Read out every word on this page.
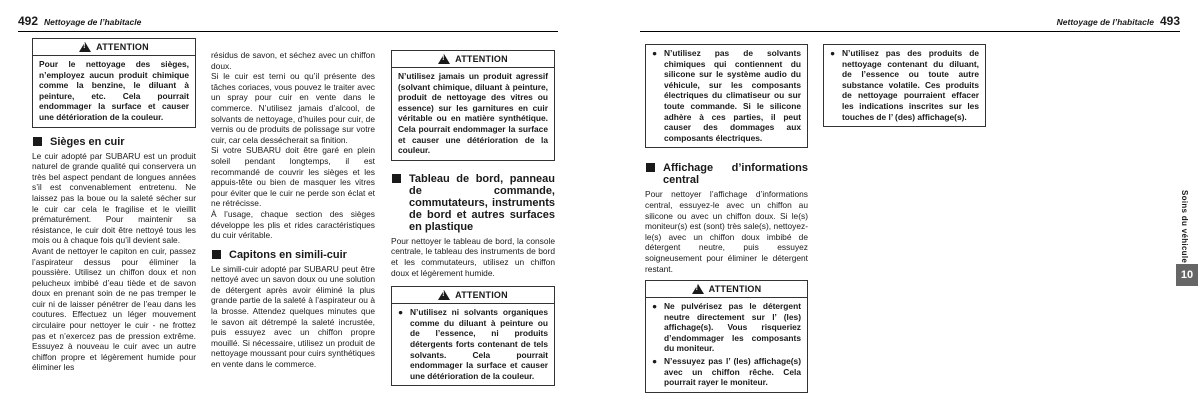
492 Nettoyage de l’habitacle
! ATTENTION
Pour le nettoyage des sièges, n’employez aucun produit chimique comme la benzine, le diluant à peinture, etc. Cela pourrait endommager la surface et causer une détérioration de la couleur.
Sièges en cuir

Le cuir adopté par SUBARU est un produit naturel de grande qualité qui conservera un très bel aspect pendant de longues années s’il est convenablement entretenu. Ne laissez pas la boue ou la saleté sécher sur le cuir car cela le fragilise et le vieillit prématurément. Pour maintenir sa résistance, le cuir doit être nettoyé tous les mois ou à chaque fois qu’il devient sale.

Avant de nettoyer le capiton en cuir, passez l’aspirateur dessus pour éliminer la poussière. Utilisez un chiffon doux et non pelucheux imbibé d’eau tiède et de savon doux en prenant soin de ne pas tremper le cuir ni de laisser pénétrer de l’eau dans les coutures. Effectuez un léger mouvement circulaire pour nettoyer le cuir - ne frottez pas et n’exercez pas de pression extrême. Essuyez à nouveau le cuir avec un autre chiffon propre et légèrement humide pour éliminer les

résidus de savon, et séchez avec un chiffon doux.

Si le cuir est terni ou qu’il présente des tâches coriaces, vous pouvez le traiter avec un spray pour cuir en vente dans le commerce. N’utilisez jamais d’alcool, de solvants de nettoyage, d’huiles pour cuir, de vernis ou de produits de polissage sur votre cuir, car cela dessécherait sa finition.

Si votre SUBARU doit être garé en plein soleil pendant longtemps, il est recommandé de couvrir les sièges et les appuis-tête ou bien de masquer les vitres pour éviter que le cuir ne perde son éclat et ne rétrécisse.

À l’usage, chaque section des sièges développe les plis et rides caractéristiques du cuir véritable.

Capitons en simili-cuir

Le simili-cuir adopté par SUBARU peut être nettoyé avec un savon doux ou une solution de détergent après avoir éliminé la plus grande partie de la saleté à l’aspirateur ou à la brosse. Attendez quelques minutes que le savon ait détrempé la saleté incrustée, puis essuyez avec un chiffon propre mouillé. Si nécessaire, utilisez un produit de nettoyage moussant pour cuirs synthétiques en vente dans le commerce.

! ATTENTION
N’utilisez jamais un produit agressif (solvant chimique, diluant à peinture, produit de nettoyage des vitres ou essence) sur les garnitures en cuir véritable ou en matière synthétique. Cela pourrait endommager la surface et causer une détérioration de la couleur.
Tableau de bord, panneau de commande, commutateurs, instruments de bord et autres surfaces en plastique

Pour nettoyer le tableau de bord, la console centrale, le tableau des instruments de bord et les commutateurs, utilisez un chiffon doux et légèrement humide.

! ATTENTION
● N’utilisez ni solvants organiques comme du diluant à peinture ou de l’essence, ni produits détergents forts contenant de tels solvants. Cela pourrait endommager la surface et causer une détérioration de la couleur.
Nettoyage de l’habitacle 493
● N’utilisez pas de solvants chimiques qui contiennent du silicone sur le système audio du véhicule, sur les composants électriques du climatiseur ou sur toute commande. Si le silicone adhère à ces parties, il peut causer des dommages aux composants électriques.
Affichage d’informations central

Pour nettoyer l’affichage d’informations central, essuyez-le avec un chiffon au silicone ou avec un chiffon doux. Si le(s) moniteur(s) est (sont) très sale(s), nettoyez-le(s) avec un chiffon doux imbibé de détergent neutre, puis essuyez soigneusement pour éliminer le détergent restant.

! ATTENTION
● Ne pulvérisez pas le détergent neutre directement sur l’ (les) affichage(s). Vous risqueriez d’endommager les composants du moniteur.
● N’essuyez pas l’ (les) affichage(s) avec un chiffon rêche. Cela pourrait rayer le moniteur.
● N’utilisez pas des produits de nettoyage contenant du diluant, de l’essence ou toute autre substance volatile. Ces produits de nettoyage pourraient effacer les indications inscrites sur les touches de l’ (des) affichage(s).
Soins du véhicule
10
